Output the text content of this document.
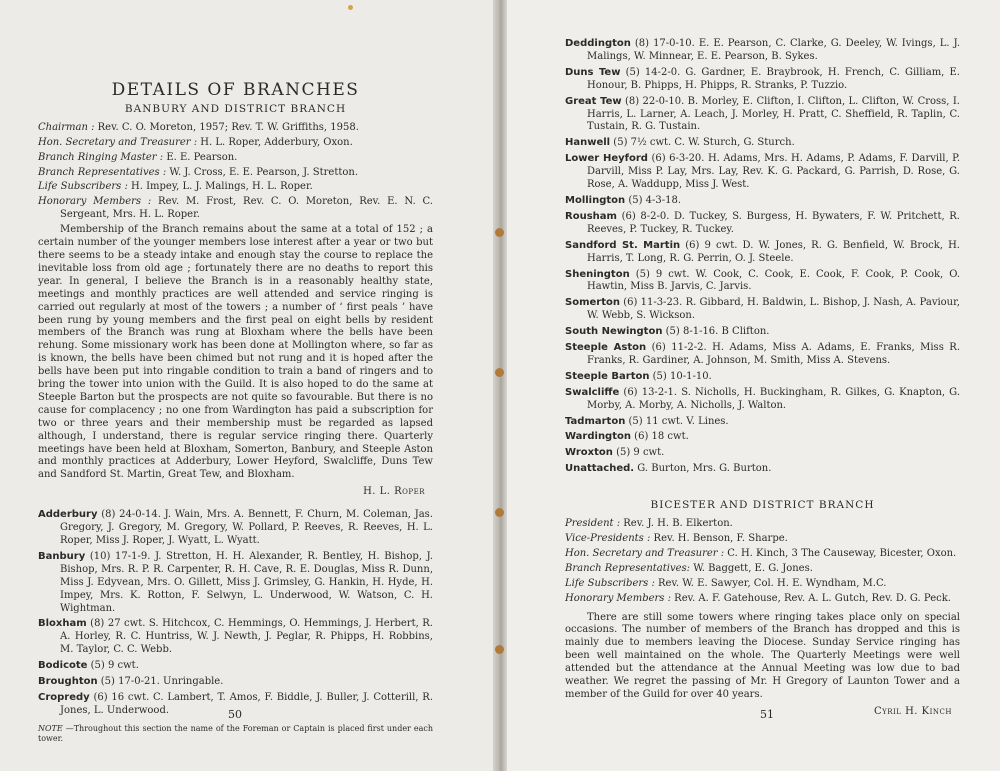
DETAILS OF BRANCHES
BANBURY AND DISTRICT BRANCH

Chairman : Rev. C. O. Moreton, 1957; Rev. T. W. Griffiths, 1958.

Hon. Secretary and Treasurer : H. L. Roper, Adderbury, Oxon.

Branch Ringing Master : E. E. Pearson.

Branch Representatives : W. J. Cross, E. E. Pearson, J. Stretton.

Life Subscribers : H. Impey, L. J. Malings, H. L. Roper.

Honorary Members : Rev. M. Frost, Rev. C. O. Moreton, Rev. E. N. C. Sergeant, Mrs. H. L. Roper.

Membership of the Branch remains about the same at a total of 152 ; a certain number of the younger members lose interest after a year or two but there seems to be a steady intake and enough stay the course to replace the inevitable loss from old age ; fortunately there are no deaths to report this year. In general, I believe the Branch is in a reasonably healthy state, meetings and monthly practices are well attended and service ringing is carried out regularly at most of the towers ; a number of ‘ first peals ’ have been rung by young members and the first peal on eight bells by resident members of the Branch was rung at Bloxham where the bells have been rehung. Some missionary work has been done at Mollington where, so far as is known, the bells have been chimed but not rung and it is hoped after the bells have been put into ringable condition to train a band of ringers and to bring the tower into union with the Guild. It is also hoped to do the same at Steeple Barton but the prospects are not quite so favourable. But there is no cause for complacency ; no one from Wardington has paid a subscription for two or three years and their membership must be regarded as lapsed although, I understand, there is regular service ringing there. Quarterly meetings have been held at Bloxham, Somerton, Banbury, and Steeple Aston and monthly practices at Adderbury, Lower Heyford, Swalcliffe, Duns Tew and Sandford St. Martin, Great Tew, and Bloxham.

H. L. Roper

Adderbury (8) 24-0-14. J. Wain, Mrs. A. Bennett, F. Churn, M. Coleman, Jas. Gregory, J. Gregory, M. Gregory, W. Pollard, P. Reeves, R. Reeves, H. L. Roper, Miss J. Roper, J. Wyatt, L. Wyatt.

Banbury (10) 17-1-9. J. Stretton, H. H. Alexander, R. Bentley, H. Bishop, J. Bishop, Mrs. R. P. R. Carpenter, R. H. Cave, R. E. Douglas, Miss R. Dunn, Miss J. Edyvean, Mrs. O. Gillett, Miss J. Grimsley, G. Hankin, H. Hyde, H. Impey, Mrs. K. Rotton, F. Selwyn, L. Underwood, W. Watson, C. H. Wightman.

Bloxham (8) 27 cwt. S. Hitchcox, C. Hemmings, O. Hemmings, J. Herbert, R. A. Horley, R. C. Huntriss, W. J. Newth, J. Peglar, R. Phipps, H. Robbins, M. Taylor, C. C. Webb.

Bodicote (5) 9 cwt.

Broughton (5) 17-0-21. Unringable.

Cropredy (6) 16 cwt. C. Lambert, T. Amos, F. Biddle, J. Buller, J. Cotterill, R. Jones, L. Underwood.

NOTE —Throughout this section the name of the Foreman or Captain is placed first under each tower.

50

Deddington (8) 17-0-10. E. E. Pearson, C. Clarke, G. Deeley, W. Ivings, L. J. Malings, W. Minnear, E. E. Pearson, B. Sykes.

Duns Tew (5) 14-2-0. G. Gardner, E. Braybrook, H. French, C. Gilliam, E. Honour, B. Phipps, H. Phipps, R. Stranks, P. Tuzzio.

Great Tew (8) 22-0-10. B. Morley, E. Clifton, I. Clifton, L. Clifton, W. Cross, I. Harris, L. Larner, A. Leach, J. Morley, H. Pratt, C. Sheffield, R. Taplin, C. Tustain, R. G. Tustain.

Hanwell (5) 7½ cwt. C. W. Sturch, G. Sturch.

Lower Heyford (6) 6-3-20. H. Adams, Mrs. H. Adams, P. Adams, F. Darvill, P. Darvill, Miss P. Lay, Mrs. Lay, Rev. K. G. Packard, G. Parrish, D. Rose, G. Rose, A. Waddupp, Miss J. West.

Mollington (5) 4-3-18.

Rousham (6) 8-2-0. D. Tuckey, S. Burgess, H. Bywaters, F. W. Pritchett, R. Reeves, P. Tuckey, R. Tuckey.

Sandford St. Martin (6) 9 cwt. D. W. Jones, R. G. Benfield, W. Brock, H. Harris, T. Long, R. G. Perrin, O. J. Steele.

Shenington (5) 9 cwt. W. Cook, C. Cook, E. Cook, F. Cook, P. Cook, O. Hawtin, Miss B. Jarvis, C. Jarvis.

Somerton (6) 11-3-23. R. Gibbard, H. Baldwin, L. Bishop, J. Nash, A. Paviour, W. Webb, S. Wickson.

South Newington (5) 8-1-16. B Clifton.

Steeple Aston (6) 11-2-2. H. Adams, Miss A. Adams, E. Franks, Miss R. Franks, R. Gardiner, A. Johnson, M. Smith, Miss A. Stevens.

Steeple Barton (5) 10-1-10.

Swalcliffe (6) 13-2-1. S. Nicholls, H. Buckingham, R. Gilkes, G. Knapton, G. Morby, A. Morby, A. Nicholls, J. Walton.

Tadmarton (5) 11 cwt. V. Lines.

Wardington (6) 18 cwt.

Wroxton (5) 9 cwt.

Unattached. G. Burton, Mrs. G. Burton.

BICESTER AND DISTRICT BRANCH

President : Rev. J. H. B. Elkerton.

Vice-Presidents : Rev. H. Benson, F. Sharpe.

Hon. Secretary and Treasurer : C. H. Kinch, 3 The Causeway, Bicester, Oxon.

Branch Representatives: W. Baggett, E. G. Jones.

Life Subscribers : Rev. W. E. Sawyer, Col. H. E. Wyndham, M.C.

Honorary Members : Rev. A. F. Gatehouse, Rev. A. L. Gutch, Rev. D. G. Peck.

There are still some towers where ringing takes place only on special occasions. The number of members of the Branch has dropped and this is mainly due to members leaving the Diocese. Sunday Service ringing has been well maintained on the whole. The Quarterly Meetings were well attended but the attendance at the Annual Meeting was low due to bad weather. We regret the passing of Mr. H Gregory of Launton Tower and a member of the Guild for over 40 years.

Cyril H. Kinch

51
